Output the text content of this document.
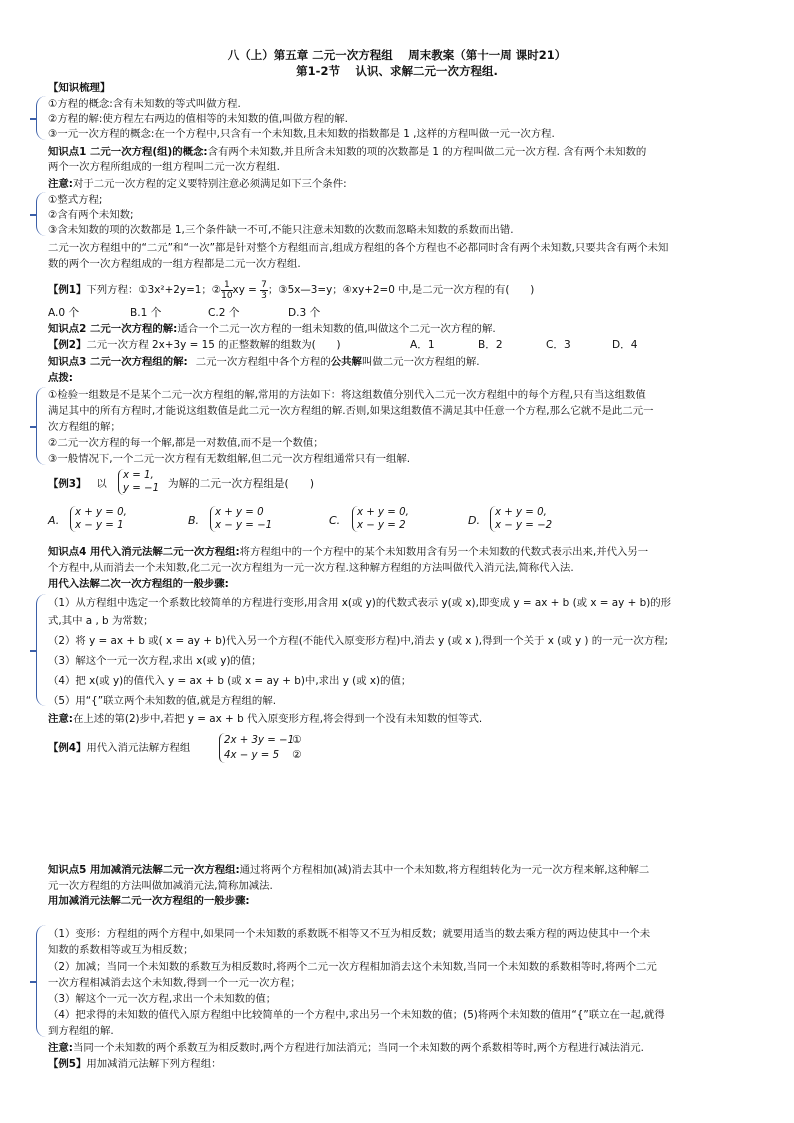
八（上）第五章 二元一次方程组　 周末教案（第十一周 课时21）
第1-2节　 认识、求解二元一次方程组.
【知识梳理】
①方程的概念:含有未知数的等式叫做方程.
②方程的解:使方程左右两边的值相等的未知数的值,叫做方程的解.
③一元一次方程的概念:在一个方程中,只含有一个未知数,且未知数的指数都是 1 ,这样的方程叫做一元一次方程.
知识点1 二元一次方程(组)的概念:含有两个未知数,并且所含未知数的项的次数都是 1 的方程叫做二元一次方程. 含有两个未知数的
两个一次方程所组成的一组方程叫二元一次方程组.
注意:对于二元一次方程的定义要特别注意必须满足如下三个条件:
①整式方程;
②含有两个未知数;
③含未知数的项的次数都是 1,三个条件缺一不可,不能只注意未知数的次数而忽略未知数的系数而出错.
二元一次方程组中的“二元”和“一次”都是针对整个方程组而言,组成方程组的各个方程也不必都同时含有两个未知数,只要共含有两个未知
数的两个一次方程组成的一组方程都是二元一次方程组.
【例1】下列方程：①3x²+2y=1；② $\frac{1}{10}$ xy = $\frac{7}{3}$ ；③5x—3=y；④xy+2=0 中,是二元一次方程的有(　　)
A.0 个	B.1 个	C.2 个	D.3 个
知识点2 二元一次方程的解:适合一个二元一次方程的一组未知数的值,叫做这个二元一次方程的解.
【例2】二元一次方程 2x+3y = 15 的正整数解的组数为(　　)	A．1	B．2	C．3	D．4
知识点3 二元一次方程组的解: 二元一次方程组中各个方程的公共解叫做二元一次方程组的解.
点拨:
①检验一组数是不是某个二元一次方程组的解,常用的方法如下：将这组数值分别代入二元一次方程组中的每个方程,只有当这组数值
满足其中的所有方程时,才能说这组数值是此二元一次方程组的解.否则,如果这组数值不满足其中任意一个方程,那么它就不是此二元一
次方程组的解；
②二元一次方程的每一个解,都是一对数值,而不是一个数值；
③一般情况下,一个二元一次方程有无数组解,但二元一次方程组通常只有一组解.
【例3】 以
x = 1,
y = −1 为解的二元一次方程组是(　　)
A.
x + y = 0,
x − y = 1	B.
x + y = 0
x − y = −1	C.
x + y = 0,
x − y = 2	D.
x + y = 0,
x − y = −2
知识点4 用代入消元法解二元一次方程组:将方程组中的一个方程中的某个未知数用含有另一个未知数的代数式表示出来,并代入另一
个方程中,从而消去一个未知数,化二元一次方程组为一元一次方程.这种解方程组的方法叫做代入消元法,简称代入法.
用代入法解二次一次方程组的一般步骤:
（1）从方程组中选定一个系数比较简单的方程进行变形,用含用 x(或 y)的代数式表示 y(或 x),即变成 y = ax + b (或 x = ay + b)的形
式,其中 a , b 为常数；
（2）将 y = ax + b 或( x = ay + b)代入另一个方程(不能代入原变形方程)中,消去 y (或 x ),得到一个关于 x (或 y ) 的一元一次方程;
（3）解这个一元一次方程,求出 x(或 y)的值；
（4）把 x(或 y)的值代入 y = ax + b (或 x = ay + b)中,求出 y (或 x)的值；
（5）用“{”联立两个未知数的值,就是方程组的解.
注意:在上述的第(2)步中,若把 y = ax + b 代入原变形方程,将会得到一个没有未知数的恒等式.
【例4】用代入消元法解方程组
2x + 3y = −1
4x − y = 5
①
②
知识点5 用加减消元法解二元一次方程组:通过将两个方程相加(减)消去其中一个未知数,将方程组转化为一元一次方程来解,这种解二
元一次方程组的方法叫做加减消元法,简称加减法.
用加减消元法解二元一次方程组的一般步骤:
（1）变形：方程组的两个方程中,如果同一个未知数的系数既不相等又不互为相反数；就要用适当的数去乘方程的两边使其中一个未
知数的系数相等或互为相反数；
（2）加减；当同一个未知数的系数互为相反数时,将两个二元一次方程相加消去这个未知数,当同一个未知数的系数相等时,将两个二元
一次方程相减消去这个未知数,得到一个一元一次方程；
（3）解这个一元一次方程,求出一个未知数的值；
（4）把求得的未知数的值代入原方程组中比较简单的一个方程中,求出另一个未知数的值；(5)将两个未知数的值用“{”联立在一起,就得
到方程组的解.
注意:当同一个未知数的两个系数互为相反数时,两个方程进行加法消元；当同一个未知数的两个系数相等时,两个方程进行减法消元.
【例5】用加减消元法解下列方程组：
